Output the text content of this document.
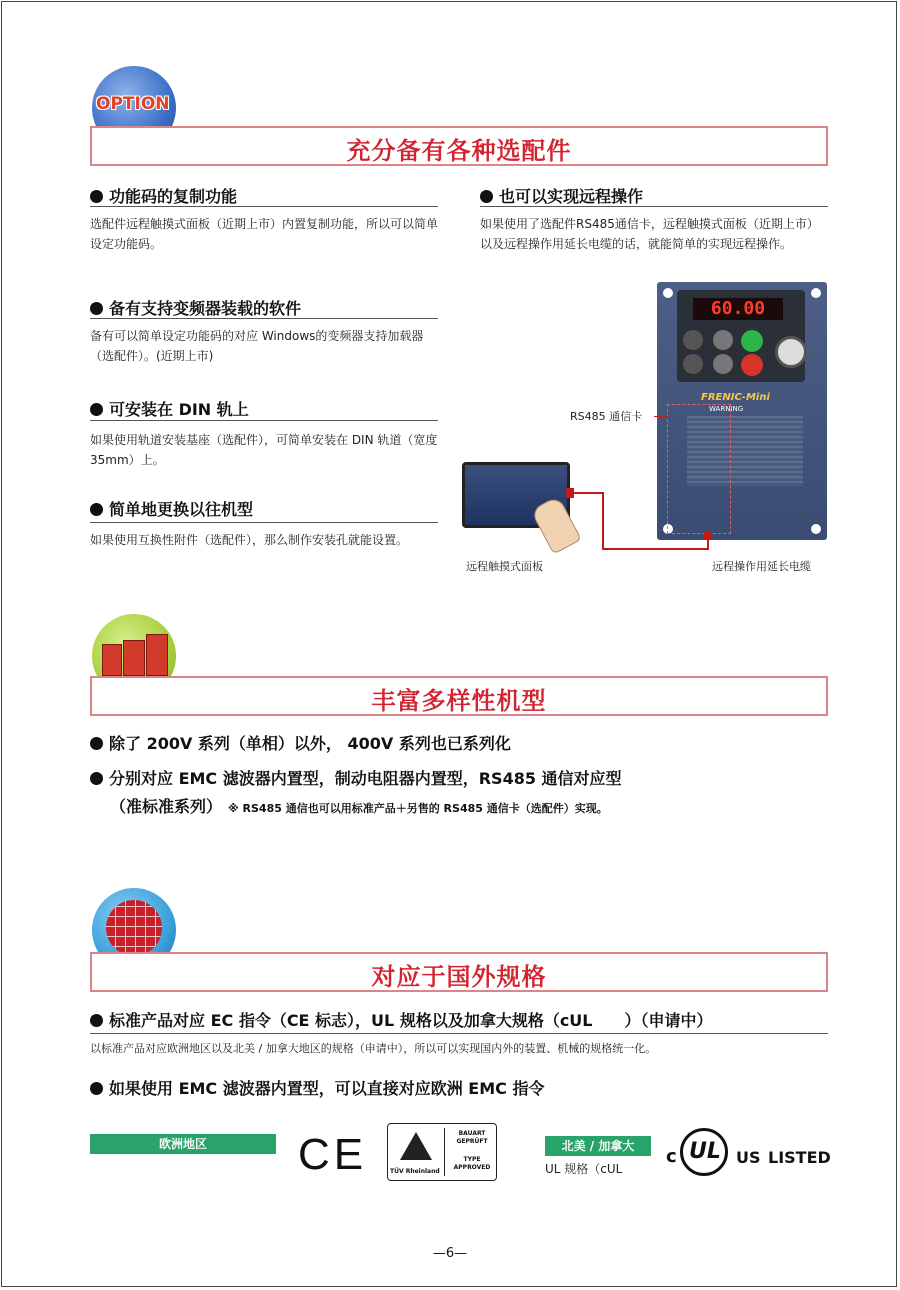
OPTION
充分备有各种选配件
功能码的复制功能
选配件远程触摸式面板（近期上市）内置复制功能，所以可以简单设定功能码。
备有支持变频器装载的软件
备有可以简单设定功能码的对应 Windows的变频器支持加载器（选配件）。(近期上市)
可安装在 DIN 轨上
如果使用轨道安装基座（选配件），可简单安装在 DIN 轨道（宽度 35mm）上。
简单地更换以往机型
如果使用互换性附件（选配件），那么制作安装孔就能设置。
也可以实现远程操作
如果使用了选配件RS485通信卡，远程触摸式面板（近期上市）以及远程操作用延长电缆的话，就能简单的实现远程操作。
60.00
FRENIC-Mini
WARNING
RS485 通信卡
远程触摸式面板	远程操作用延长电缆
丰富多样性机型
除了 200V 系列（单相）以外， 400V 系列也已系列化
分别对应 EMC 滤波器内置型，制动电阻器内置型，RS485 通信对应型
（准标准系列） ※ RS485 通信也可以用标准产品＋另售的 RS485 通信卡（选配件）实现。
对应于国外规格
标准产品对应 EC 指令（CE 标志），UL 规格以及加拿大规格（cUL　　）（申请中）
以标准产品对应欧洲地区以及北美 / 加拿大地区的规格（申请中），所以可以实现国内外的装置、机械的规格统一化。
如果使用 EMC 滤波器内置型，可以直接对应欧洲 EMC 指令
欧洲地区	CE	TÜV Rheinland
BAUART GEPRÜFT
TYPE APPROVED
北美 / 加拿大
UL 规格（cUL
c UL US LISTED
—6—
